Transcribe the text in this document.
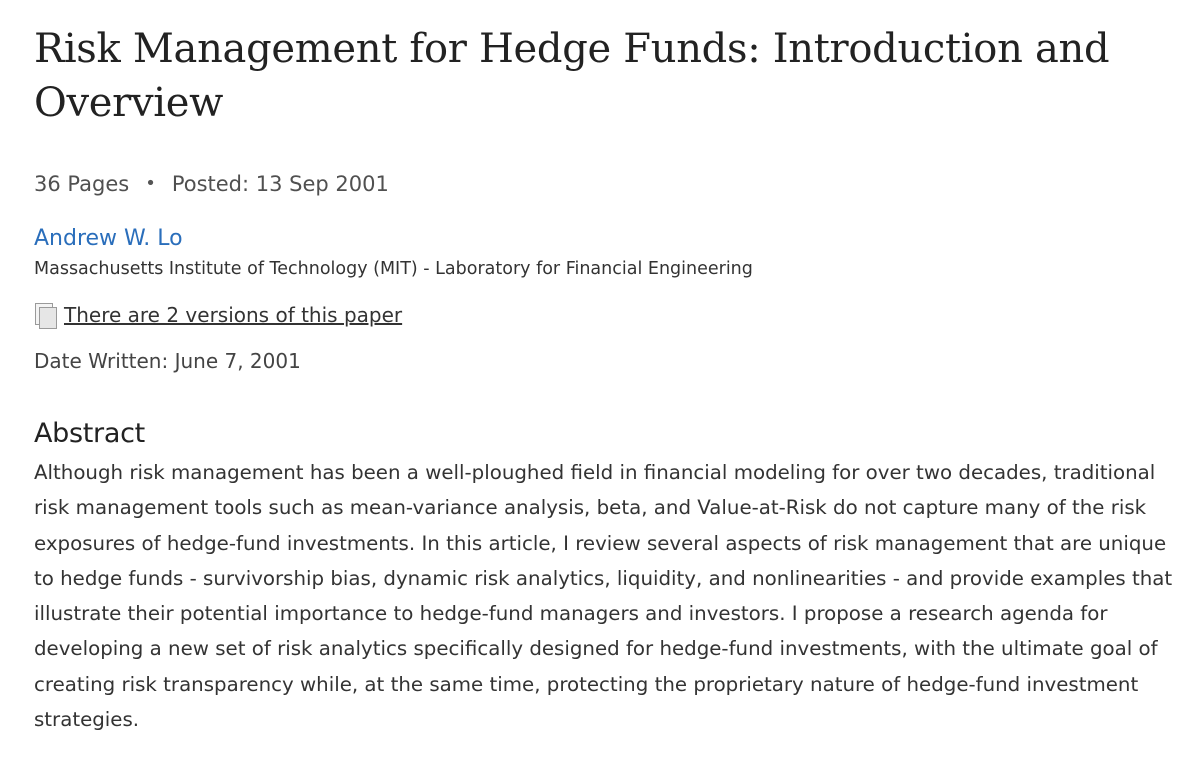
Risk Management for Hedge Funds: Introduction and Overview
36 Pages • Posted: 13 Sep 2001
Andrew W. Lo
Massachusetts Institute of Technology (MIT) - Laboratory for Financial Engineering
There are 2 versions of this paper
Date Written: June 7, 2001
Abstract
Although risk management has been a well-ploughed field in financial modeling for over two decades, traditional risk management tools such as mean-variance analysis, beta, and Value-at-Risk do not capture many of the risk exposures of hedge-fund investments. In this article, I review several aspects of risk management that are unique to hedge funds - survivorship bias, dynamic risk analytics, liquidity, and nonlinearities - and provide examples that illustrate their potential importance to hedge-fund managers and investors. I propose a research agenda for developing a new set of risk analytics specifically designed for hedge-fund investments, with the ultimate goal of creating risk transparency while, at the same time, protecting the proprietary nature of hedge-fund investment strategies.
